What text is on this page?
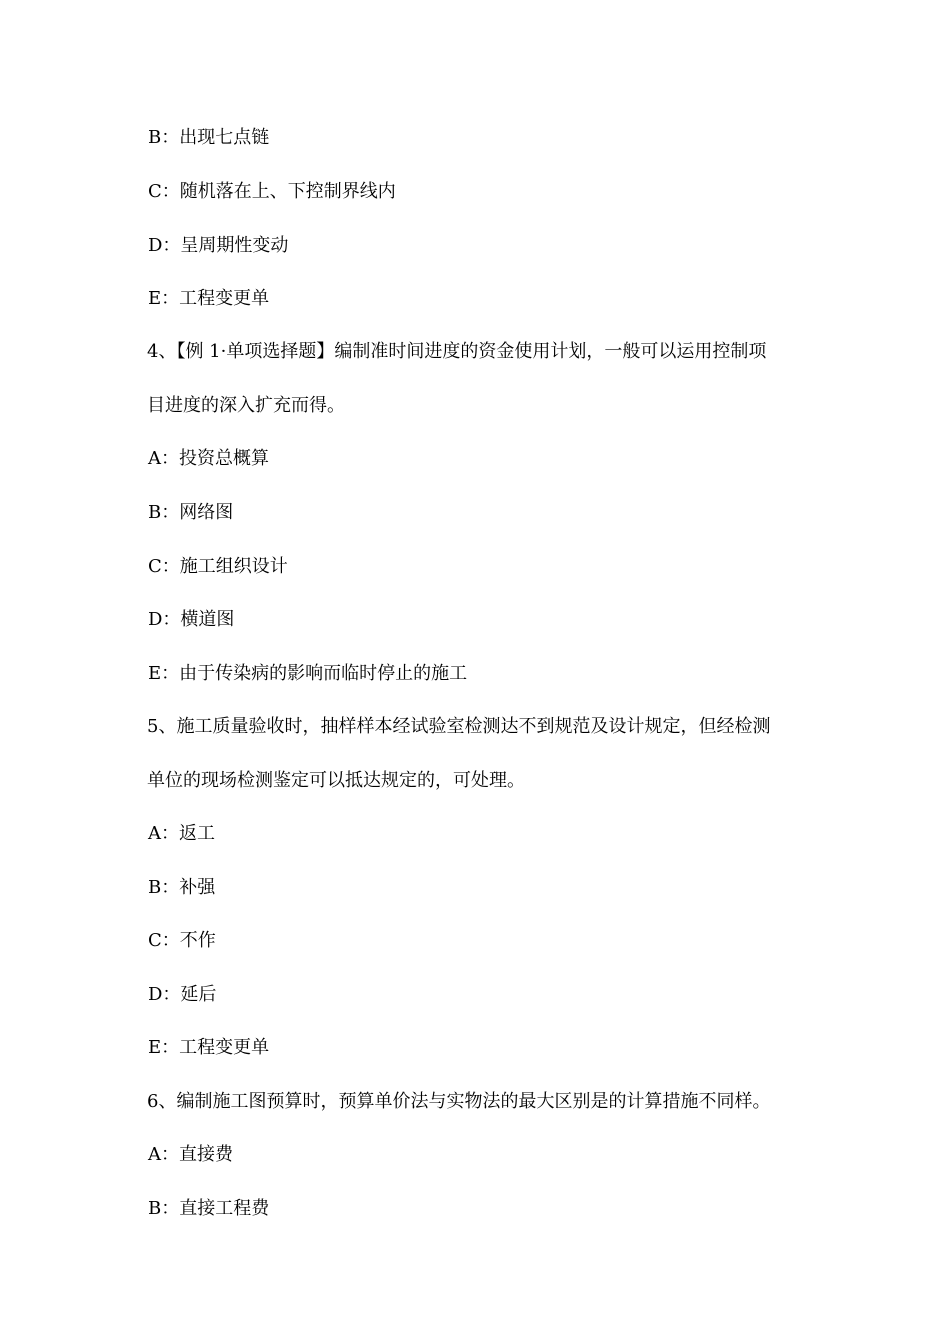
B：出现七点链
C：随机落在上、下控制界线内
D：呈周期性变动
E：工程变更单
4、【例 1·单项选择题】编制准时间进度的资金使用计划，一般可以运用控制项
目进度的深入扩充而得。
A：投资总概算
B：网络图
C：施工组织设计
D：横道图
E：由于传染病的影响而临时停止的施工
5、施工质量验收时，抽样样本经试验室检测达不到规范及设计规定，但经检测
单位的现场检测鉴定可以抵达规定的，可处理。
A：返工
B：补强
C：不作
D：延后
E：工程变更单
6、编制施工图预算时，预算单价法与实物法的最大区别是的计算措施不同样。
A：直接费
B：直接工程费
